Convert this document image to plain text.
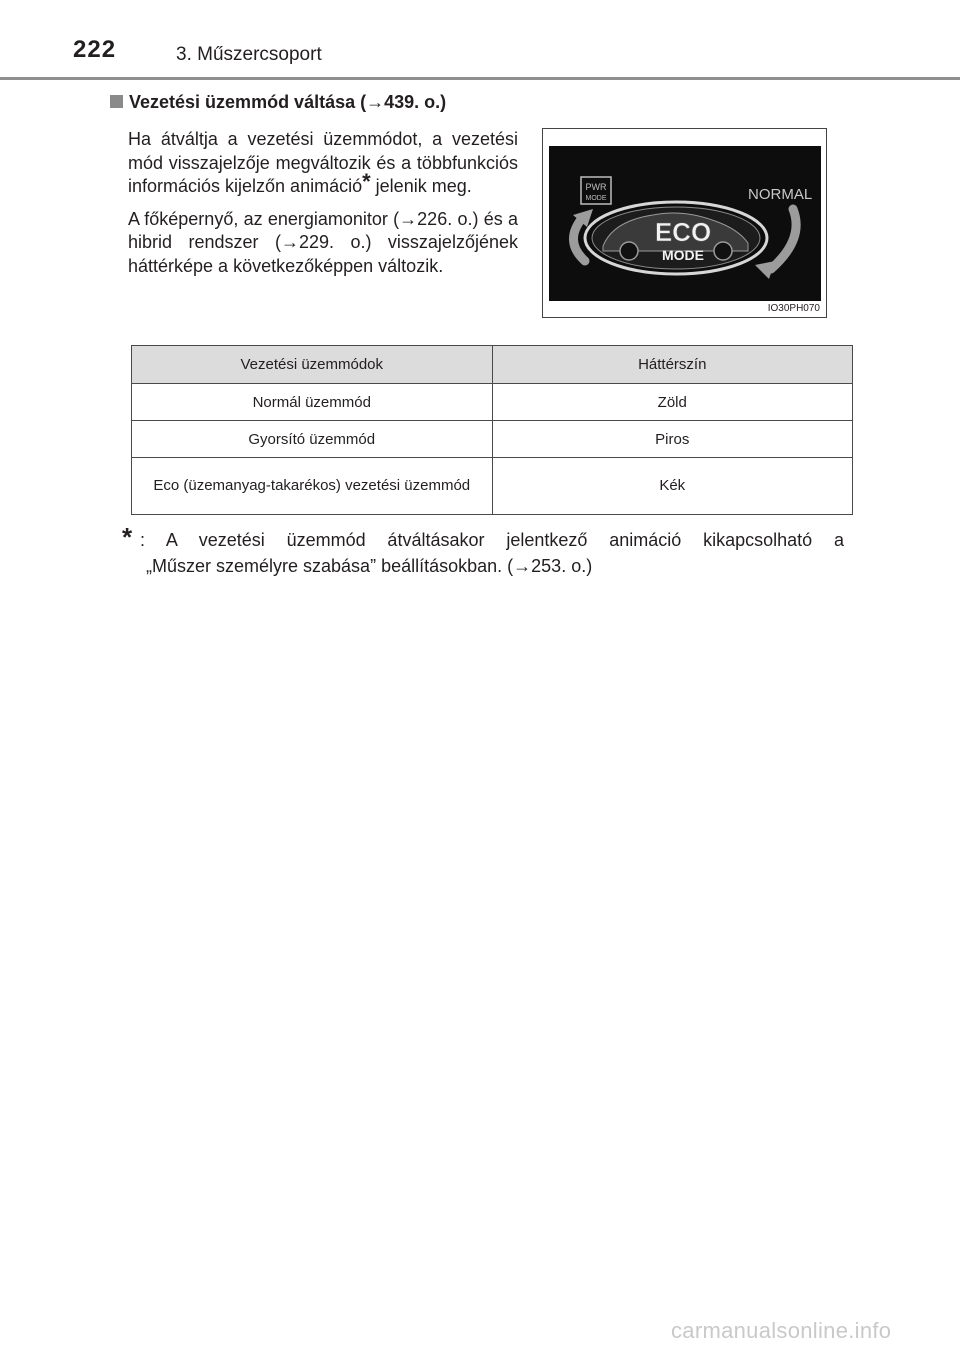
222	3. Műszercsoport
Vezetési üzemmód váltása (→439. o.)

Ha átváltja a vezetési üzemmódot, a vezetési mód visszajelzője megváltozik és a többfunkciós információs kijelzőn animáció* jelenik meg.

A főképernyő, az energiamonitor (→226. o.) és a hibrid rendszer (→229. o.) visszajelzőjének háttérképe a következőképpen változik.

PWR
MODE	NORMAL
ECO
MODE
IO30PH070
Vezetési üzemmódok	Háttérszín
Normál üzemmód	Zöld
Gyorsító üzemmód	Piros

Eco (üzemanyag-takarékos) vezetési üzemmód	Kék
* : A vezetési üzemmód átváltásakor jelentkező animáció kikapcsolható a
„Műszer személyre szabása” beállításokban. (→253. o.)
carmanualsonline.info
